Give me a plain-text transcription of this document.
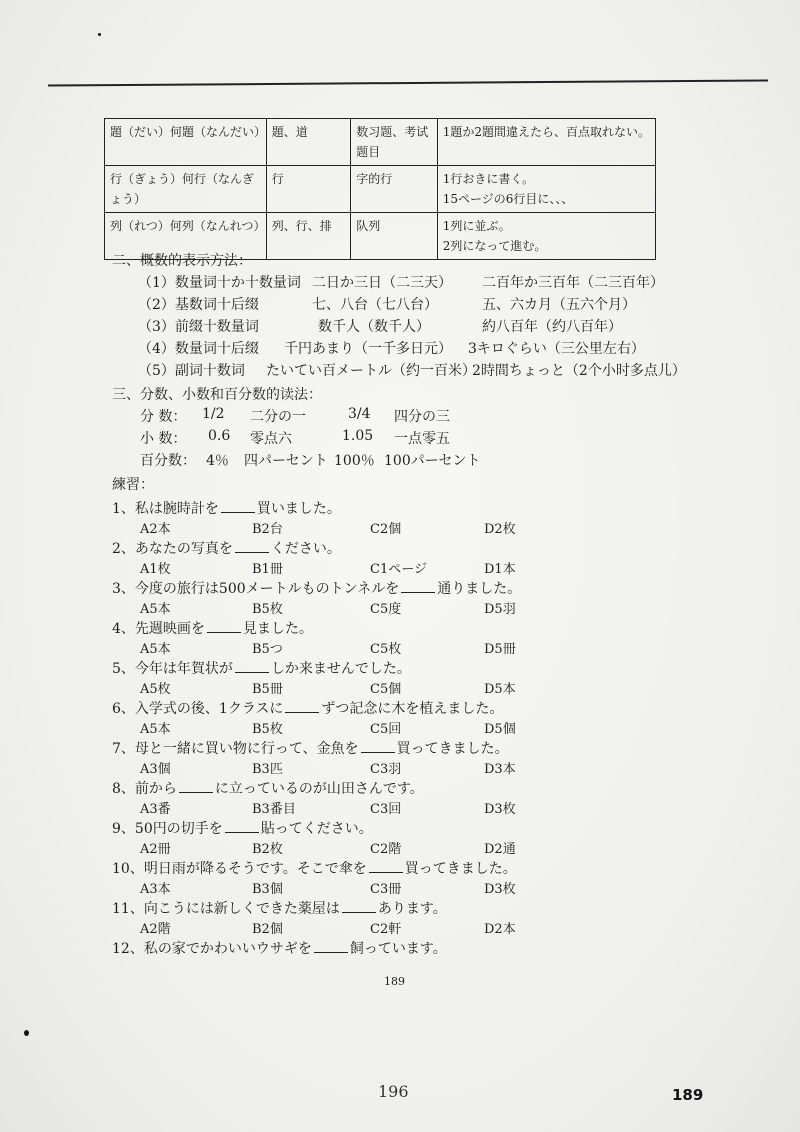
題（だい）何題（なんだい）	題、道	数习题、考试题目	1題か2題間違えたら、百点取れない。

行（ぎょう）何行（なんぎょう）	行	字的行	1行おきに書く。
15ページの6行目に、、、

列（れつ）何列（なんれつ）	列、行、排	队列	1列に並ぶ。
2列になって進む。
二、概数的表示方法：
（1）数量词十か十数量词 二日か三日（二三天） 二百年か三百年（二三百年）
（2）基数词十后缀	七、八台（七八台）	五、六カ月（五六个月）
（3）前缀十数量词	数千人（数千人）	約八百年（约八百年）
（4）数量词十后缀 千円あまり（一千多日元） 3キロぐらい（三公里左右）
（5）副词十数词 たいてい百メートル（约一百米）
2時間ちょっと（2个小时多点儿）
三、分数、小数和百分数的读法：
分 数： 1/2 二分の一	3/4 四分の三
小 数： 0.6 零点六	1.05 一点零五
百分数： 4％ 四パーセント 100％ 100パーセント
練習：
1、私は腕時計を	買いました。
A2本	B2台	C2個	D2枚
2、あなたの写真を	ください。
A1枚	B1冊	C1ページ	D1本
3、今度の旅行は500メートルものトンネルを	通りました。
A5本	B5枚	C5度	D5羽
4、先週映画を	見ました。
A5本	B5つ	C5枚	D5冊
5、今年は年賀状が	しか来ませんでした。
A5枚	B5冊	C5個	D5本
6、入学式の後、1クラスに	ずつ記念に木を植えました。
A5本	B5枚	C5回	D5個
7、母と一緒に買い物に行って、金魚を	買ってきました。
A3個	B3匹	C3羽	D3本
8、前から	に立っているのが山田さんです。
A3番	B3番目	C3回	D3枚
9、50円の切手を	貼ってください。
A2冊	B2枚	C2階	D2通
10、明日雨が降るそうです。そこで傘を	買ってきました。
A3本	B3個	C3冊	D3枚
11、向こうには新しくできた薬屋は	あります。
A2階	B2個	C2軒	D2本
12、私の家でかわいいウサギを	飼っています。
189
196	189
